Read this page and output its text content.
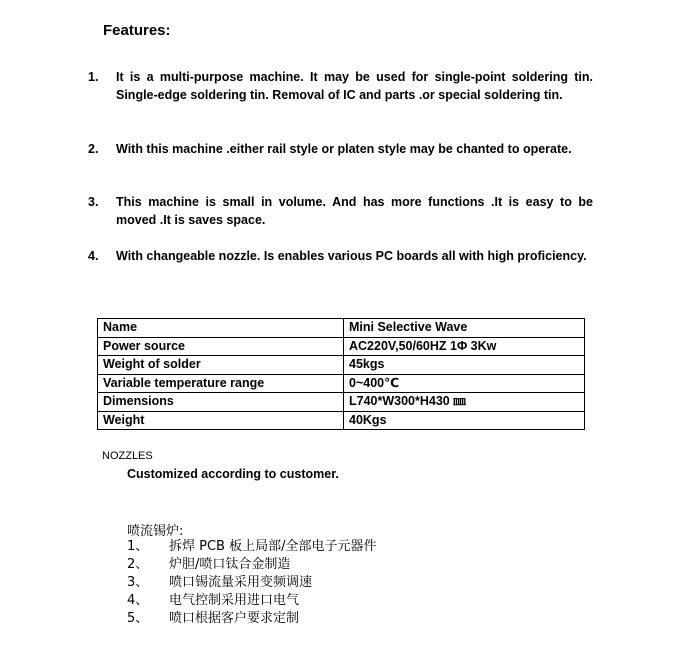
Features:
1. It is a multi-purpose machine. It may be used for single-point soldering tin. Single-edge soldering tin. Removal of IC and parts .or special soldering tin.
2. With this machine .either rail style or platen style may be chanted to operate.
3. This machine is small in volume. And has more functions .It is easy to be moved .It is saves space.
4. With changeable nozzle. Is enables various PC boards all with high proficiency.
Name	Mini Selective Wave
Power source	AC220V,50/60HZ 1Φ 3Kw
Weight of solder	45kgs
Variable temperature range	0~400℃
Dimensions	L740*W300*H430 ㎜
Weight	40Kgs
NOZZLES
Customized according to customer.
喷流锡炉:
1、 拆焊 PCB 板上局部/全部电子元器件
2、 炉胆/喷口钛合金制造
3、 喷口锡流量采用变频调速
4、 电气控制采用进口电气
5、 喷口根据客户要求定制
